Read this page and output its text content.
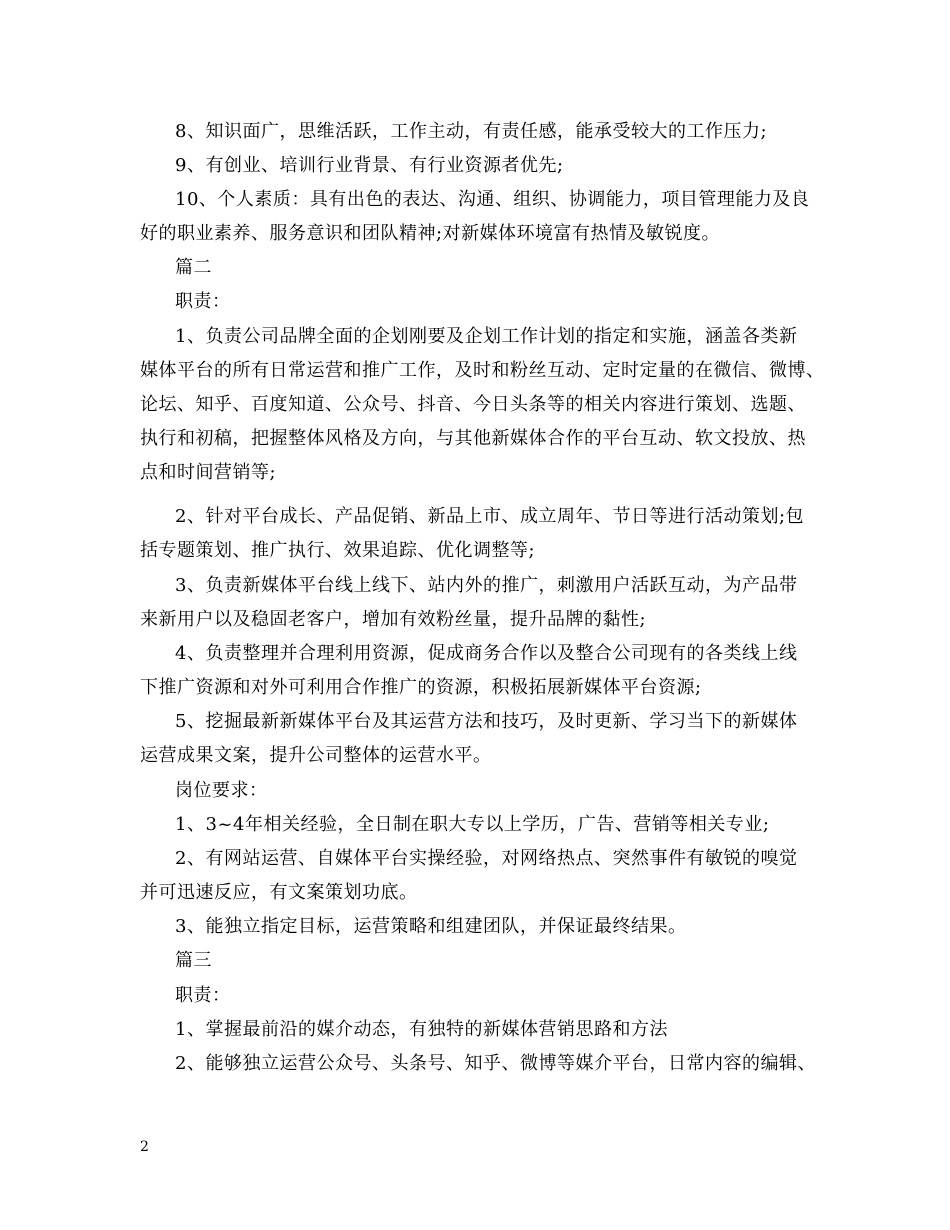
8、知识面广，思维活跃，工作主动，有责任感，能承受较大的工作压力;
9、有创业、培训行业背景、有行业资源者优先;
10、个人素质：具有出色的表达、沟通、组织、协调能力，项目管理能力及良
好的职业素养、服务意识和团队精神;对新媒体环境富有热情及敏锐度。
篇二
职责：
1、负责公司品牌全面的企划刚要及企划工作计划的指定和实施，涵盖各类新
媒体平台的所有日常运营和推广工作，及时和粉丝互动、定时定量的在微信、微博、
论坛、知乎、百度知道、公众号、抖音、今日头条等的相关内容进行策划、选题、
执行和初稿，把握整体风格及方向，与其他新媒体合作的平台互动、软文投放、热
点和时间营销等;
2、针对平台成长、产品促销、新品上市、成立周年、节日等进行活动策划;包
括专题策划、推广执行、效果追踪、优化调整等;
3、负责新媒体平台线上线下、站内外的推广，刺激用户活跃互动，为产品带
来新用户以及稳固老客户，增加有效粉丝量，提升品牌的黏性;
4、负责整理并合理利用资源，促成商务合作以及整合公司现有的各类线上线
下推广资源和对外可利用合作推广的资源，积极拓展新媒体平台资源;
5、挖掘最新新媒体平台及其运营方法和技巧，及时更新、学习当下的新媒体
运营成果文案，提升公司整体的运营水平。
岗位要求：
1、3~4年相关经验，全日制在职大专以上学历，广告、营销等相关专业;
2、有网站运营、自媒体平台实操经验，对网络热点、突然事件有敏锐的嗅觉
并可迅速反应，有文案策划功底。
3、能独立指定目标，运营策略和组建团队，并保证最终结果。
篇三
职责：
1、掌握最前沿的媒介动态，有独特的新媒体营销思路和方法
2、能够独立运营公众号、头条号、知乎、微博等媒介平台，日常内容的编辑、
2
